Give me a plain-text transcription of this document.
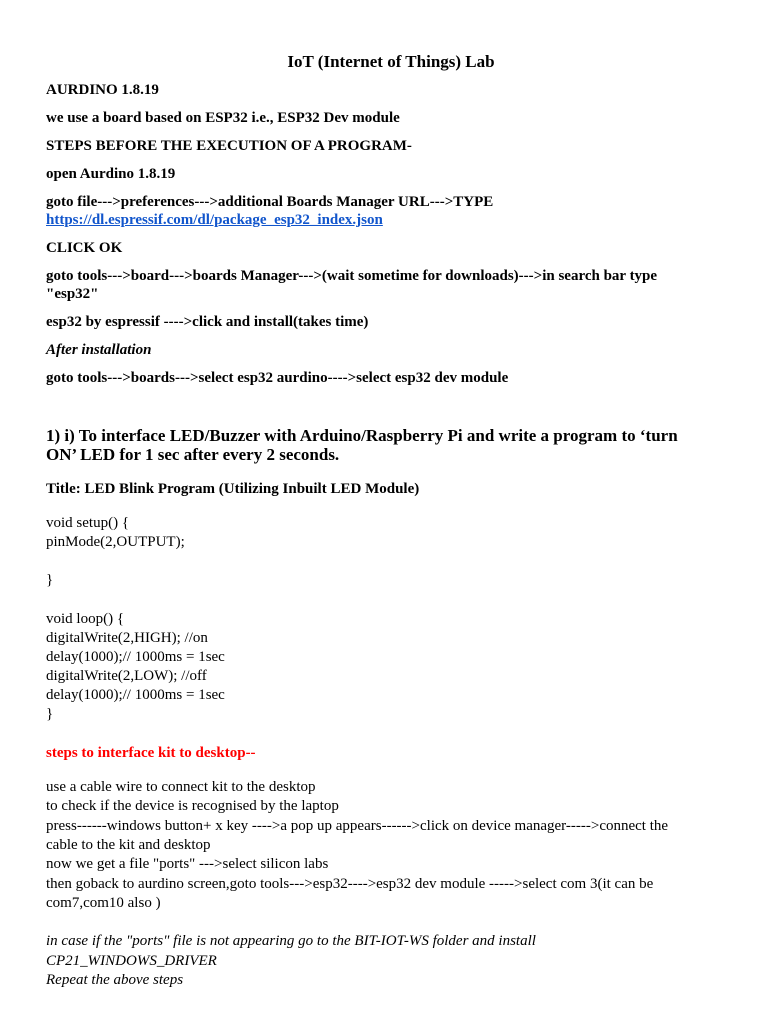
IoT (Internet of Things) Lab
AURDINO 1.8.19
we use a board based on ESP32 i.e., ESP32 Dev module
STEPS BEFORE THE EXECUTION OF A PROGRAM-
open Aurdino 1.8.19
goto file--->preferences--->additional Boards Manager URL--->TYPE
https://dl.espressif.com/dl/package_esp32_index.json
CLICK OK
goto tools--->board--->boards Manager--->(wait sometime for downloads)--->in search bar type
"esp32"
esp32 by espressif ---->click and install(takes time)
After installation
goto tools--->boards--->select esp32 aurdino---->select esp32 dev module
1) i) To interface LED/Buzzer with Arduino/Raspberry Pi and write a program to ‘turn
ON’ LED for 1 sec after every 2 seconds.
Title: LED Blink Program (Utilizing Inbuilt LED Module)
void setup() {
pinMode(2,OUTPUT);
}
void loop() {
digitalWrite(2,HIGH); //on
delay(1000);// 1000ms = 1sec
digitalWrite(2,LOW); //off
delay(1000);// 1000ms = 1sec
}
steps to interface kit to desktop--
use a cable wire to connect kit to the desktop
to check if the device is recognised by the laptop
press------windows button+ x key ---->a pop up appears------>click on device manager----->connect the
cable to the kit and desktop
now we get a file "ports" --->select silicon labs
then goback to aurdino screen,goto tools--->esp32---->esp32 dev module ----->select com 3(it can be
com7,com10 also )
in case if the "ports" file is not appearing go to the BIT-IOT-WS folder and install
CP21_WINDOWS_DRIVER
Repeat the above steps
